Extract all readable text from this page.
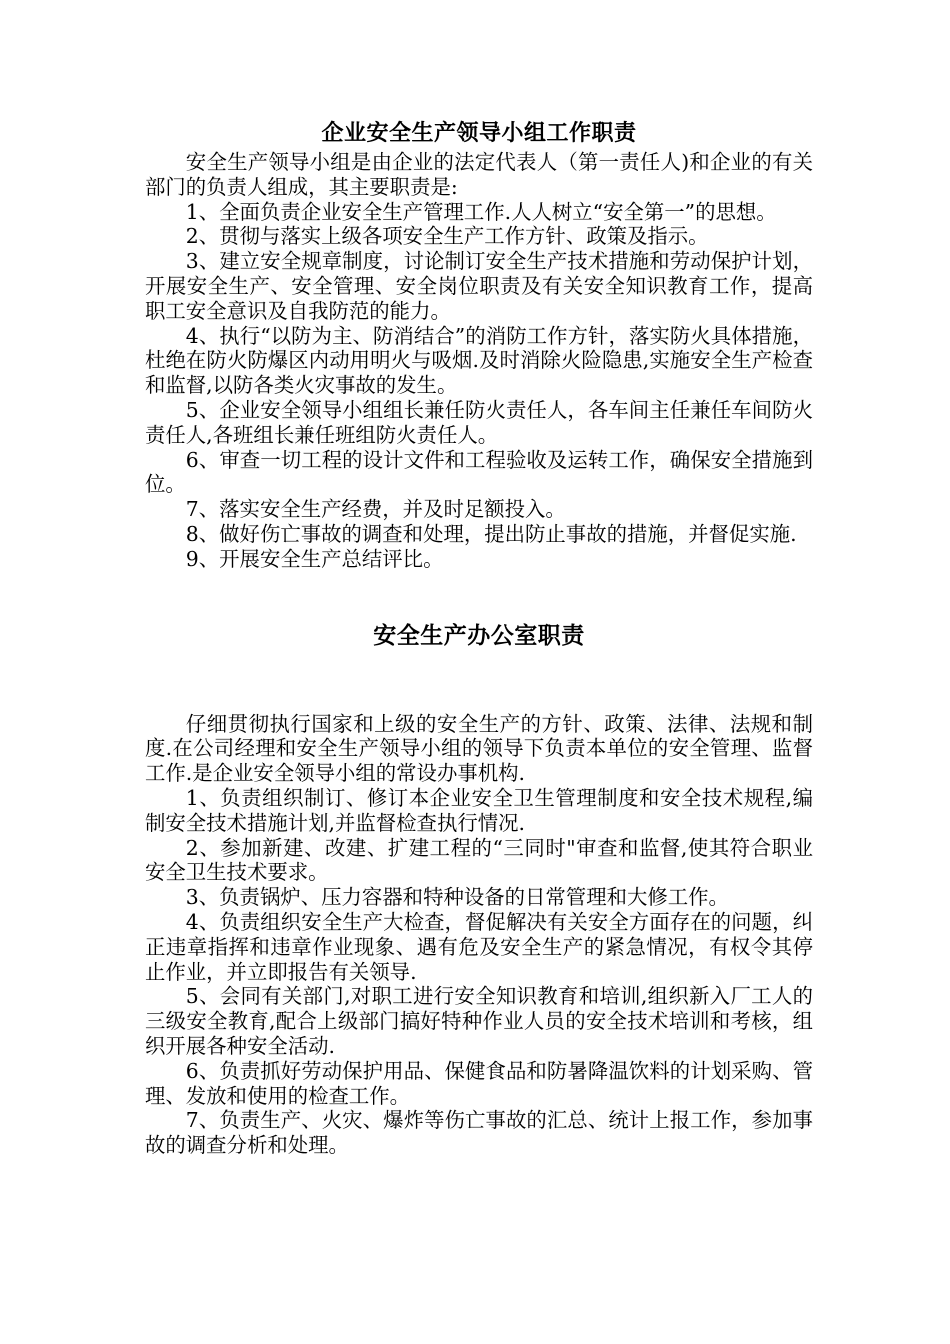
企业安全生产领导小组工作职责

安全生产领导小组是由企业的法定代表人（第一责任人)和企业的有关部门的负责人组成，其主要职责是:

1、全面负责企业安全生产管理工作.人人树立“安全第一”的思想。

2、贯彻与落实上级各项安全生产工作方针、政策及指示。

3、建立安全规章制度，讨论制订安全生产技术措施和劳动保护计划，开展安全生产、安全管理、安全岗位职责及有关安全知识教育工作，提高职工安全意识及自我防范的能力。

4、执行“以防为主、防消结合”的消防工作方针，落实防火具体措施，杜绝在防火防爆区内动用明火与吸烟.及时消除火险隐患,实施安全生产检查和监督,以防各类火灾事故的发生。

5、企业安全领导小组组长兼任防火责任人，各车间主任兼任车间防火责任人,各班组长兼任班组防火责任人。

6、审查一切工程的设计文件和工程验收及运转工作，确保安全措施到位。

7、落实安全生产经费，并及时足额投入。

8、做好伤亡事故的调查和处理，提出防止事故的措施，并督促实施.

9、开展安全生产总结评比。

安全生产办公室职责

仔细贯彻执行国家和上级的安全生产的方针、政策、法律、法规和制度.在公司经理和安全生产领导小组的领导下负责本单位的安全管理、监督工作.是企业安全领导小组的常设办事机构.

1、负责组织制订、修订本企业安全卫生管理制度和安全技术规程,编制安全技术措施计划,并监督检查执行情况.

2、参加新建、改建、扩建工程的“三同时"审查和监督,使其符合职业安全卫生技术要求。

3、负责锅炉、压力容器和特种设备的日常管理和大修工作。

4、负责组织安全生产大检查，督促解决有关安全方面存在的问题，纠正违章指挥和违章作业现象、遇有危及安全生产的紧急情况，有权令其停止作业，并立即报告有关领导.

5、会同有关部门,对职工进行安全知识教育和培训,组织新入厂工人的三级安全教育,配合上级部门搞好特种作业人员的安全技术培训和考核，组织开展各种安全活动.

6、负责抓好劳动保护用品、保健食品和防暑降温饮料的计划采购、管理、发放和使用的检查工作。

7、负责生产、火灾、爆炸等伤亡事故的汇总、统计上报工作，参加事故的调查分析和处理。
